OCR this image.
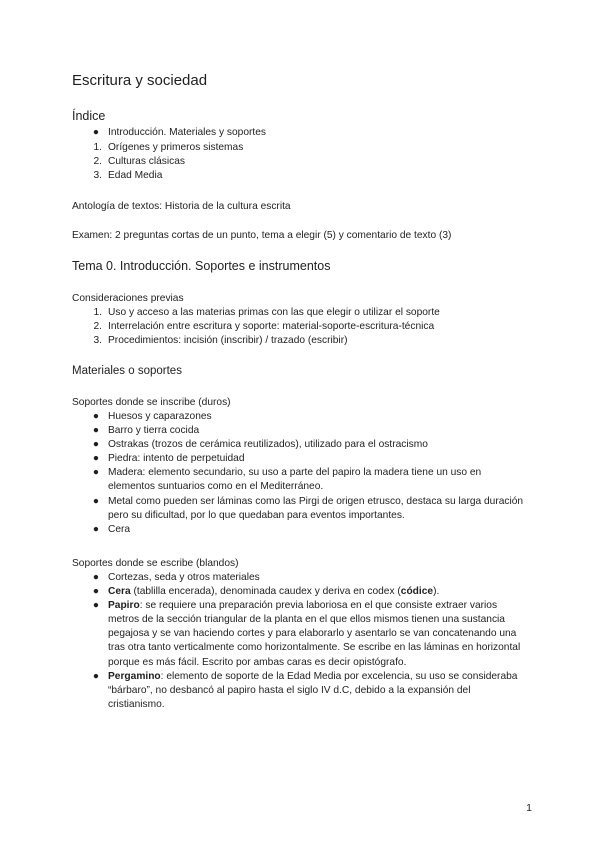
Escritura y sociedad
Índice
● Introducción. Materiales y soportes
1. Orígenes y primeros sistemas
2. Culturas clásicas
3. Edad Media
Antología de textos: Historia de la cultura escrita
Examen: 2 preguntas cortas de un punto, tema a elegir (5) y comentario de texto (3)
Tema 0. Introducción. Soportes e instrumentos
Consideraciones previas
1. Uso y acceso a las materias primas con las que elegir o utilizar el soporte
2. Interrelación entre escritura y soporte: material-soporte-escritura-técnica
3. Procedimientos: incisión (inscribir) / trazado (escribir)
Materiales o soportes
Soportes donde se inscribe (duros)
● Huesos y caparazones
● Barro y tierra cocida
● Ostrakas (trozos de cerámica reutilizados), utilizado para el ostracismo
● Piedra: intento de perpetuidad
● Madera: elemento secundario, su uso a parte del papiro la madera tiene un uso en elementos suntuarios como en el Mediterráneo.
● Metal como pueden ser láminas como las Pirgi de origen etrusco, destaca su larga duración pero su dificultad, por lo que quedaban para eventos importantes.
● Cera
Soportes donde se escribe (blandos)
● Cortezas, seda y otros materiales
● Cera (tablilla encerada), denominada caudex y deriva en codex (códice).
● Papiro: se requiere una preparación previa laboriosa en el que consiste extraer varios metros de la sección triangular de la planta en el que ellos mismos tienen una sustancia pegajosa y se van haciendo cortes y para elaborarlo y asentarlo se van concatenando una tras otra tanto verticalmente como horizontalmente. Se escribe en las láminas en horizontal porque es más fácil. Escrito por ambas caras es decir opistógrafo.
● Pergamino: elemento de soporte de la Edad Media por excelencia, su uso se consideraba “bárbaro”, no desbancó al papiro hasta el siglo IV d.C, debido a la expansión del cristianismo.
1
